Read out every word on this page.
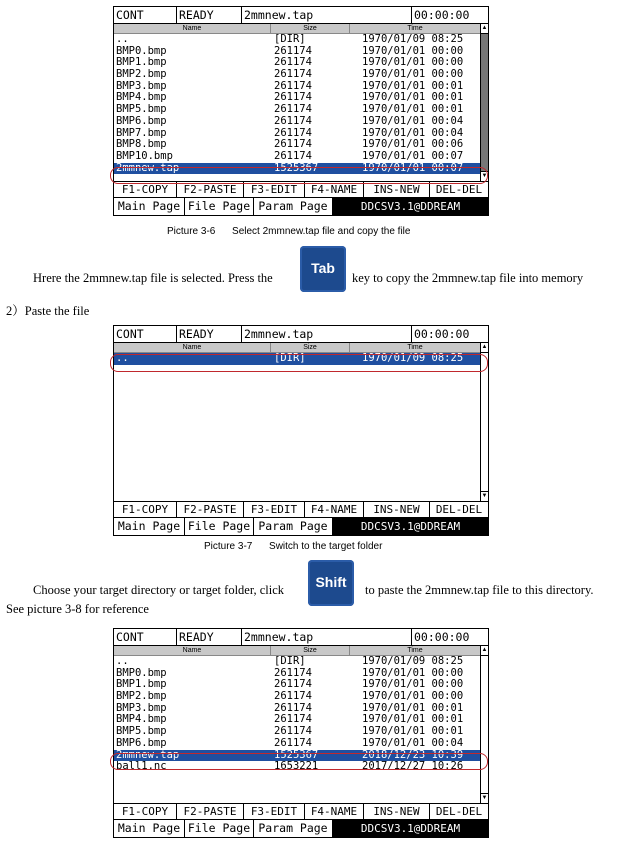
CONT	READY	2mmnew.tap	00:00:00
Name	Size	Time
..	[DIR]	1970/01/09 08:25
BMP0.bmp	261174	1970/01/01 00:00
BMP1.bmp	261174	1970/01/01 00:00
BMP2.bmp	261174	1970/01/01 00:00
BMP3.bmp	261174	1970/01/01 00:01
BMP4.bmp	261174	1970/01/01 00:01
BMP5.bmp	261174	1970/01/01 00:01
BMP6.bmp	261174	1970/01/01 00:04
BMP7.bmp	261174	1970/01/01 00:04
BMP8.bmp	261174	1970/01/01 00:06
BMP10.bmp	261174	1970/01/01 00:07
2mmnew.tap	1525367	1970/01/01 00:07
▲
▼
F1-COPY	F2-PASTE	F3-EDIT	F4-NAME	INS-NEW	DEL-DEL
Main Page File Page Param Page	DDCSV3.1@DDREAM
Picture 3-6      Select 2mmnew.tap file and copy the file
Hrere the 2mmnew.tap file is selected. Press the
Tab
key to copy the 2mmnew.tap file into memory
2）Paste the file
CONT	READY	2mmnew.tap	00:00:00
Name	Size	Time
..	[DIR]	1970/01/09 08:25
▲
▼
F1-COPY	F2-PASTE	F3-EDIT	F4-NAME	INS-NEW	DEL-DEL
Main Page File Page Param Page	DDCSV3.1@DDREAM
Picture 3-7      Switch to the target folder
Choose your target directory or target folder, click	Shift	to paste the 2mmnew.tap file to this directory.
See picture 3-8 for reference
CONT	READY	2mmnew.tap	00:00:00
Name	Size	Time
..	[DIR]	1970/01/09 08:25
BMP0.bmp	261174	1970/01/01 00:00
BMP1.bmp	261174	1970/01/01 00:00
BMP2.bmp	261174	1970/01/01 00:00
BMP3.bmp	261174	1970/01/01 00:01
BMP4.bmp	261174	1970/01/01 00:01
BMP5.bmp	261174	1970/01/01 00:01
BMP6.bmp	261174	1970/01/01 00:04
2mmnew.tap	1525367	2018/12/23 10:39
ball1.nc	1653221	2017/12/27 10:26
▲
▼
F1-COPY	F2-PASTE	F3-EDIT	F4-NAME	INS-NEW	DEL-DEL
Main Page File Page Param Page	DDCSV3.1@DDREAM
